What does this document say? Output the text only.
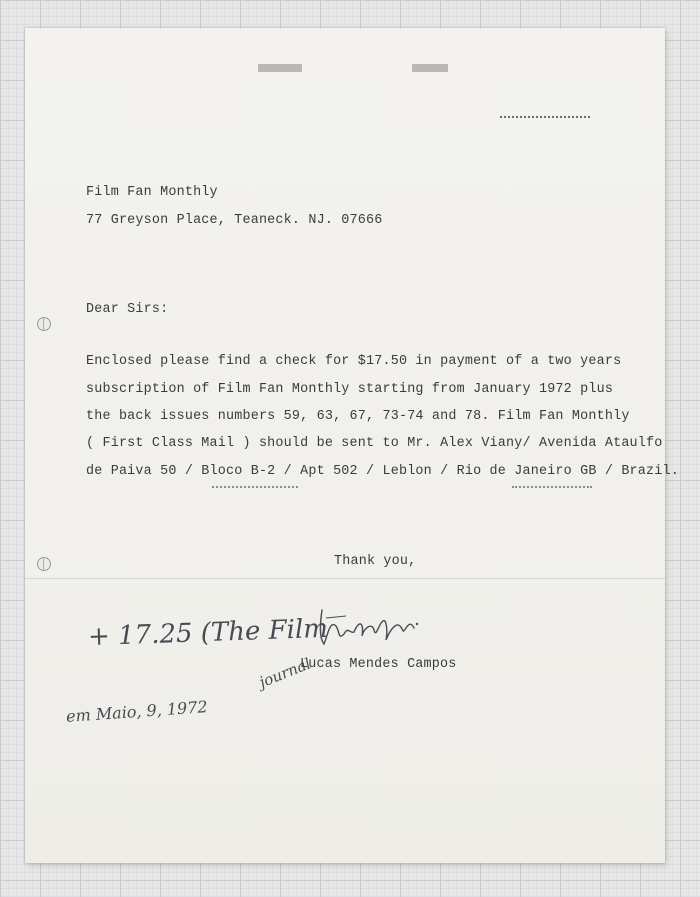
Film Fan Monthly
77 Greyson Place, Teaneck. NJ. 07666
Dear Sirs:
Enclosed please find a check for $17.50 in payment of a two years
subscription of Film Fan Monthly starting from January 1972 plus
the back issues numbers 59, 63, 67, 73-74 and 78. Film Fan Monthly
( First Class Mail ) should be sent to Mr. Alex Viany/ Avenida Ataulfo
de Paiva 50 / Bloco B-2 / Apt 502 / Leblon / Rio de Janeiro GB / Brazil.
Thank you,
+ 17.25 (The Film
journal
em Maio, 9, 1972
Lucas Mendes Campos
